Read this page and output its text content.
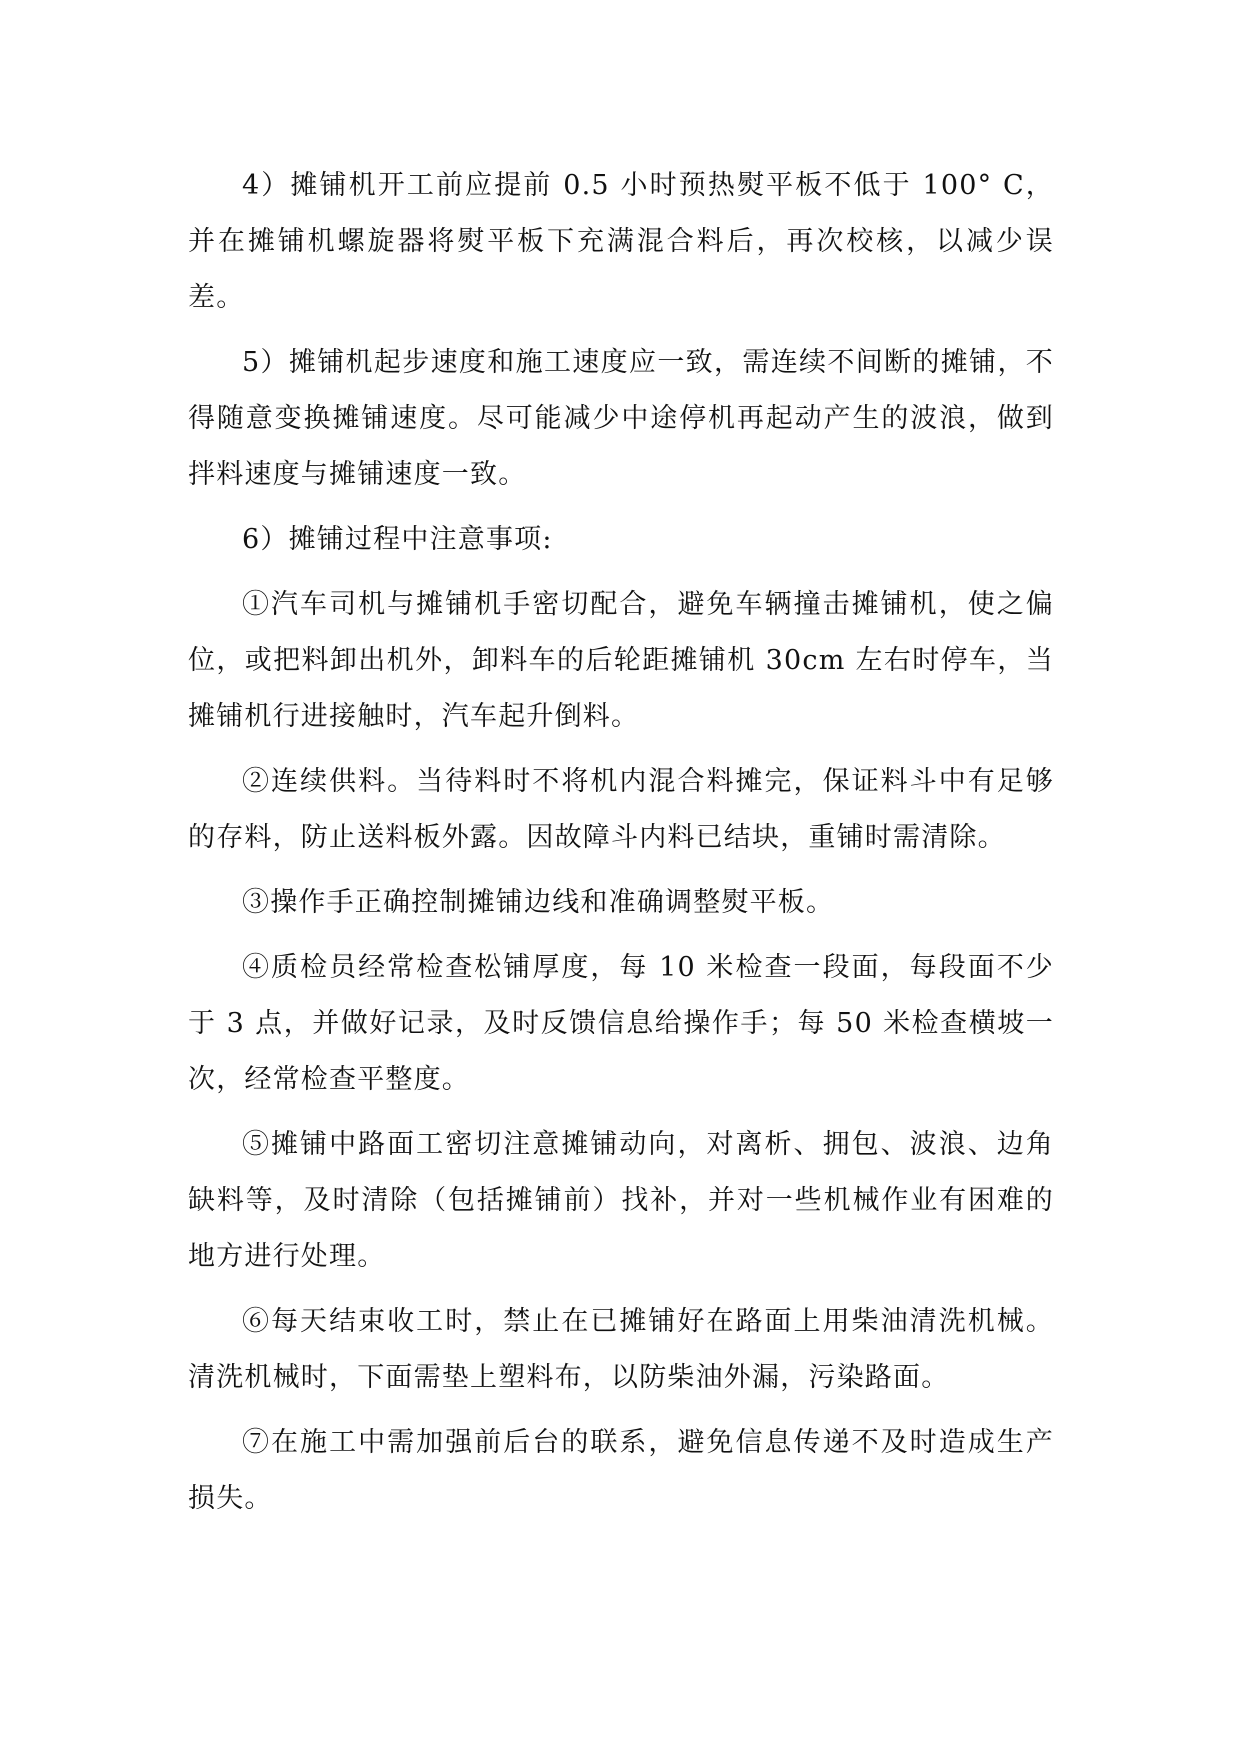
4）摊铺机开工前应提前 0.5 小时预热熨平板不低于 100° C，并在摊铺机螺旋器将熨平板下充满混合料后，再次校核，以减少误差。

5）摊铺机起步速度和施工速度应一致，需连续不间断的摊铺，不得随意变换摊铺速度。尽可能减少中途停机再起动产生的波浪，做到拌料速度与摊铺速度一致。

6）摊铺过程中注意事项:

①汽车司机与摊铺机手密切配合，避免车辆撞击摊铺机，使之偏位，或把料卸出机外，卸料车的后轮距摊铺机 30cm 左右时停车，当摊铺机行进接触时，汽车起升倒料。

②连续供料。当待料时不将机内混合料摊完，保证料斗中有足够的存料，防止送料板外露。因故障斗内料已结块，重铺时需清除。

③操作手正确控制摊铺边线和准确调整熨平板。

④质检员经常检查松铺厚度，每 10 米检查一段面，每段面不少于 3 点，并做好记录，及时反馈信息给操作手；每 50 米检查横坡一次，经常检查平整度。

⑤摊铺中路面工密切注意摊铺动向，对离析、拥包、波浪、边角缺料等，及时清除（包括摊铺前）找补，并对一些机械作业有困难的地方进行处理。

⑥每天结束收工时，禁止在已摊铺好在路面上用柴油清洗机械。清洗机械时，下面需垫上塑料布，以防柴油外漏，污染路面。

⑦在施工中需加强前后台的联系，避免信息传递不及时造成生产损失。
